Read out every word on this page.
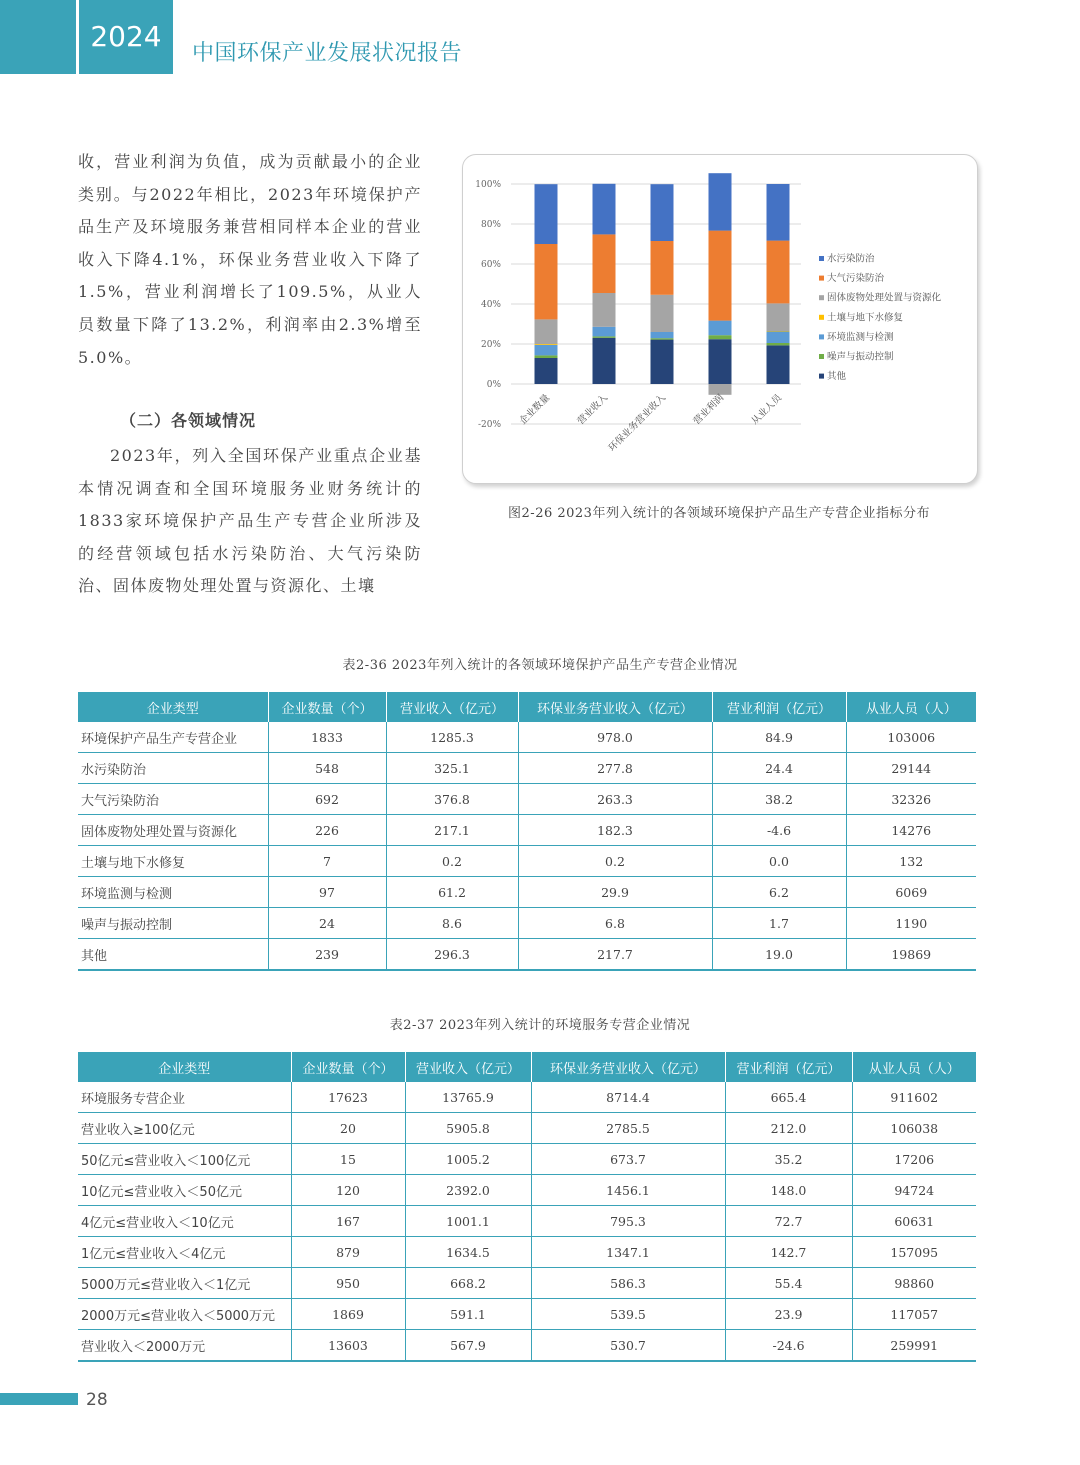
2024
中国环保产业发展状况报告

收，营业利润为负值，成为贡献最小的企业类别。与2022年相比，2023年环境保护产品生产及环境服务兼营相同样本企业的营业收入下降4.1%，环保业务营业收入下降了1.5%，营业利润增长了109.5%，从业人员数量下降了13.2%，利润率由2.3%增至5.0%。

（二）各领域情况

2023年，列入全国环保产业重点企业基本情况调查和全国环境服务业财务统计的1833家环境保护产品生产专营企业所涉及的经营领域包括水污染防治、大气污染防治、固体废物处理处置与资源化、土壤

100%
80%
60%
40%
20%
0%
-20% 企业数量 营业收入
环保业务营业收入 营业利润 从业人员
水污染防治
大气污染防治
固体废物处理处置与资源化
土壤与地下水修复
环境监测与检测
噪声与振动控制
其他
图2-26 2023年列入统计的各领域环境保护产品生产专营企业指标分布
表2-36 2023年列入统计的各领域环境保护产品生产专营企业情况
企业类型	企业数量（个）	营业收入（亿元）	环保业务营业收入（亿元）	营业利润（亿元）	从业人员（人）
环境保护产品生产专营企业	1833	1285.3	978.0	84.9	103006
水污染防治	548	325.1	277.8	24.4	29144
大气污染防治	692	376.8	263.3	38.2	32326
固体废物处理处置与资源化	226	217.1	182.3	-4.6	14276
土壤与地下水修复	7	0.2	0.2	0.0	132
环境监测与检测	97	61.2	29.9	6.2	6069
噪声与振动控制	24	8.6	6.8	1.7	1190
其他	239	296.3	217.7	19.0	19869
表2-37 2023年列入统计的环境服务专营企业情况
企业类型	企业数量（个）	营业收入（亿元）	环保业务营业收入（亿元）	营业利润（亿元）	从业人员（人）
环境服务专营企业	17623	13765.9	8714.4	665.4	911602
营业收入≥100亿元	20	5905.8	2785.5	212.0	106038
50亿元≤营业收入＜100亿元	15	1005.2	673.7	35.2	17206
10亿元≤营业收入＜50亿元	120	2392.0	1456.1	148.0	94724
4亿元≤营业收入＜10亿元	167	1001.1	795.3	72.7	60631
1亿元≤营业收入＜4亿元	879	1634.5	1347.1	142.7	157095
5000万元≤营业收入＜1亿元	950	668.2	586.3	55.4	98860
2000万元≤营业收入＜5000万元	1869	591.1	539.5	23.9	117057
营业收入＜2000万元	13603	567.9	530.7	-24.6	259991
28
